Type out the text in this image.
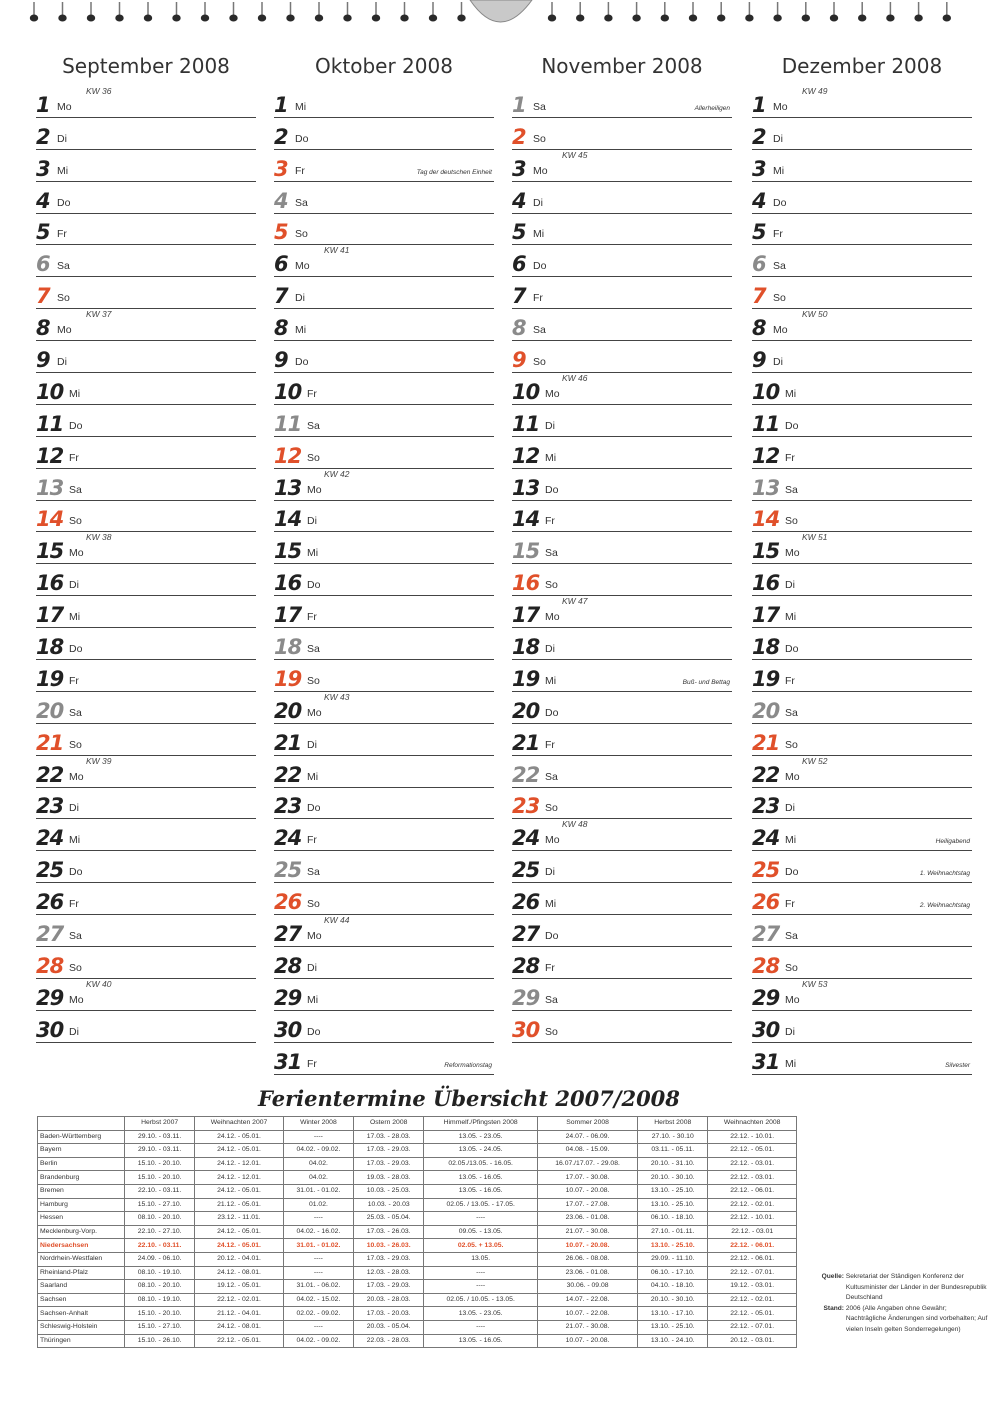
September 2008
1 Mo
KW 36
2 Di
3 Mi
4 Do
5 Fr
6 Sa
7 So
8 Mo
KW 37
9 Di
10 Mi
11 Do
12 Fr
13 Sa
14 So
15 Mo
KW 38
16 Di
17 Mi
18 Do
19 Fr
20 Sa
21 So
22 Mo
KW 39
23 Di
24 Mi
25 Do
26 Fr
27 Sa
28 So
29 Mo
KW 40
30 Di
Oktober 2008
1 Mi
2 Do
3 Fr	Tag der deutschen Einheit
4 Sa
5 So
6 Mo
KW 41
7 Di
8 Mi
9 Do
10 Fr
11 Sa
12 So
13 Mo
KW 42
14 Di
15 Mi
16 Do
17 Fr
18 Sa
19 So
20 Mo
KW 43
21 Di
22 Mi
23 Do
24 Fr
25 Sa
26 So
27 Mo
KW 44
28 Di
29 Mi
30 Do
31 Fr	Reformationstag
November 2008
1 Sa	Allerheiligen
2 So
3 Mo
KW 45
4 Di
5 Mi
6 Do
7 Fr
8 Sa
9 So
10 Mo
KW 46
11 Di
12 Mi
13 Do
14 Fr
15 Sa
16 So
17 Mo
KW 47
18 Di
19 Mi	Buß- und Bettag
20 Do
21 Fr
22 Sa
23 So
24 Mo
KW 48
25 Di
26 Mi
27 Do
28 Fr
29 Sa
30 So
Dezember 2008
1 Mo
KW 49
2 Di
3 Mi
4 Do
5 Fr
6 Sa
7 So
8 Mo
KW 50
9 Di
10 Mi
11 Do
12 Fr
13 Sa
14 So
15 Mo
KW 51
16 Di
17 Mi
18 Do
19 Fr
20 Sa
21 So
22 Mo
KW 52
23 Di
24 Mi	Heiligabend
25 Do	1. Weihnachtstag
26 Fr	2. Weihnachtstag
27 Sa
28 So
29 Mo
KW 53
30 Di
31 Mi	Silvester
Ferientermine Übersicht 2007/2008
	Herbst 2007	Weihnachten 2007	Winter 2008	Ostern 2008	Himmelf./Pfingsten 2008	Sommer 2008	Herbst 2008	Weihnachten 2008
Baden-Württemberg	29.10. - 03.11.	24.12. - 05.01.	----	17.03. - 28.03.	13.05. - 23.05.	24.07. - 06.09.	27.10. - 30.10	22.12. - 10.01.
Bayern	29.10. - 03.11.	24.12. - 05.01.	04.02. - 09.02.	17.03. - 29.03.	13.05. - 24.05.	04.08. - 15.09.	03.11. - 05.11.	22.12. - 05.01.
Berlin	15.10. - 20.10.	24.12. - 12.01.	04.02.	17.03. - 29.03.	02.05./13.05. - 16.05.	16.07./17.07. - 29.08.	20.10. - 31.10.	22.12. - 03.01.
Brandenburg	15.10. - 20.10.	24.12. - 12.01.	04.02.	19.03. - 28.03.	13.05. - 16.05.	17.07. - 30.08.	20.10. - 30.10.	22.12. - 03.01.
Bremen	22.10. - 03.11.	24.12. - 05.01.	31.01. - 01.02.	10.03. - 25.03.	13.05. - 16.05.	10.07. - 20.08.	13.10. - 25.10.	22.12. - 06.01.
Hamburg	15.10. - 27.10.	21.12. - 05.01.	01.02.	10.03. - 20.03	02.05. / 13.05. - 17.05.	17.07. - 27.08.	13.10. - 25.10.	22.12. - 02.01.
Hessen	08.10. - 20.10.	23.12. - 11.01.	----	25.03. - 05.04.	----	23.06. - 01.08.	06.10. - 18.10.	22.12. - 10.01.
Mecklenburg-Vorp.	22.10. - 27.10.	24.12. - 05.01.	04.02. - 16.02.	17.03. - 26.03.	09.05. - 13.05.	21.07. - 30.08.	27.10. - 01.11.	22.12. - 03.01
Niedersachsen	22.10. - 03.11.	24.12. - 05.01.	31.01. - 01.02.	10.03. - 26.03.	02.05. + 13.05.	10.07. - 20.08.	13.10. - 25.10.	22.12. - 06.01.
Nordrhein-Westfalen	24.09. - 06.10.	20.12. - 04.01.	----	17.03. - 29.03.	13.05.	26.06. - 08.08.	29.09. - 11.10.	22.12. - 06.01.
Rheinland-Pfalz	08.10. - 19.10.	24.12. - 08.01.	----	12.03. - 28.03.	----	23.06. - 01.08.	06.10. - 17.10.	22.12. - 07.01.
Saarland	08.10. - 20.10.	19.12. - 05.01.	31.01. - 06.02.	17.03. - 29.03.	----	30.06. - 09.08	04.10. - 18.10.	19.12. - 03.01.
Sachsen	08.10. - 19.10.	22.12. - 02.01.	04.02. - 15.02.	20.03. - 28.03.	02.05. / 10.05. - 13.05.	14.07. - 22.08.	20.10. - 30.10.	22.12. - 02.01.
Sachsen-Anhalt	15.10. - 20.10.	21.12. - 04.01.	02.02. - 09.02.	17.03. - 20.03.	13.05. - 23.05.	10.07. - 22.08.	13.10. - 17.10.	22.12. - 05.01.
Schleswig-Holstein	15.10. - 27.10.	24.12. - 08.01.	----	20.03. - 05.04.	----	21.07. - 30.08.	13.10. - 25.10.	22.12. - 07.01.
Thüringen	15.10. - 26.10.	22.12. - 05.01.	04.02. - 09.02.	22.03. - 28.03.	13.05. - 16.05.	10.07. - 20.08.	13.10. - 24.10.	20.12. - 03.01.
Quelle: Sekretariat der Ständigen Konferenz der Kultusminister der Länder in der Bundesrepublik Deutschland
Stand: 2006 (Alle Angaben ohne Gewähr; Nachträgliche Änderungen sind vorbehalten; Auf vielen Inseln gelten Sonderregelungen)
